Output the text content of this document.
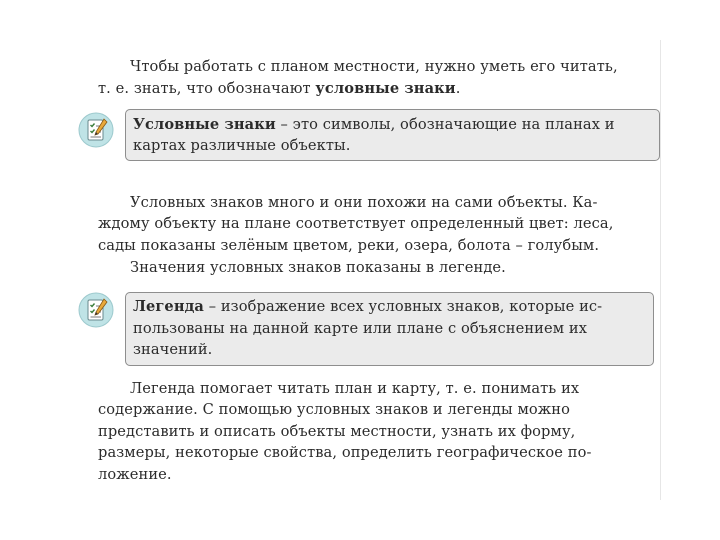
Чтобы работать с планом местности, нужно уметь его читать,
т. е. знать, что обозначают условные знаки.
Условные знаки – это символы, обозначающие на планах и
картах различные объекты.
Условных знаков много и они похожи на сами объекты. Ка-
ждому объекту на плане соответствует определенный цвет: леса,
сады показаны зелёным цветом, реки, озера, болота – голубым.
Значения условных знаков показаны в легенде.
Легенда – изображение всех условных знаков, которые ис-
пользованы на данной карте или плане с объяснением их
значений.
Легенда помогает читать план и карту, т. е. понимать их
содержание. С помощью условных знаков и легенды можно
представить и описать объекты местности, узнать их форму,
размеры, некоторые свойства, определить географическое по-
ложение.
